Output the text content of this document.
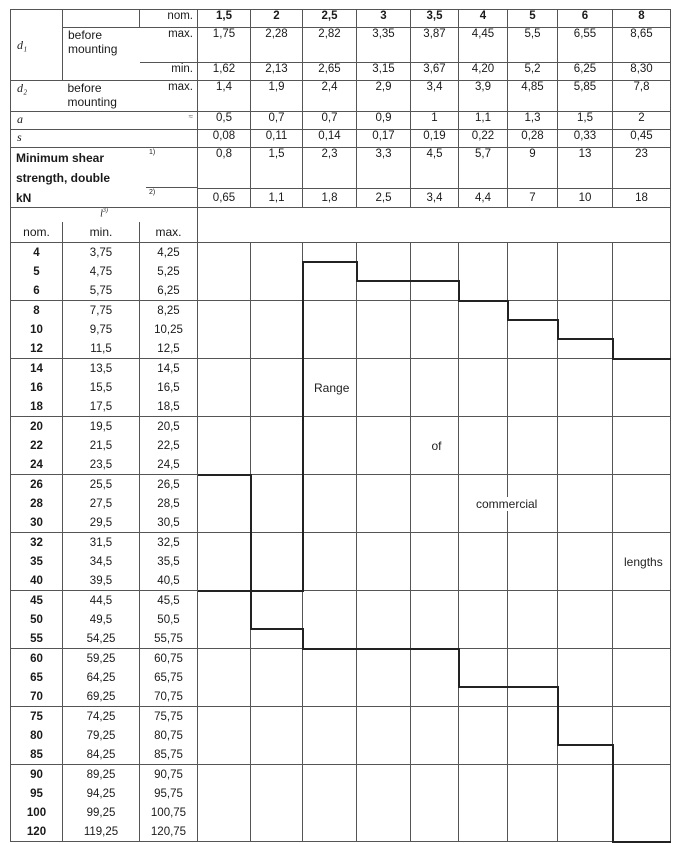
d₁		nom.	1,5	2	2,5	3	3,5	4	5	6	8
	before mounting	max.	1,75	2,28	2,82	3,35	3,87	4,45	5,5	6,55	8,65
		min.	1,62	2,13	2,65	3,15	3,67	4,20	5,2	6,25	8,30
d₂	before mounting	max.	1,4	1,9	2,4	2,9	3,4	3,9	4,85	5,85	7,8
a		≈	0,5	0,7	0,7	0,9	1	1,1	1,3	1,5	2
s			0,08	0,11	0,14	0,17	0,19	0,22	0,28	0,33	0,45

Minimum shear
strength, double
1)			0,8	1,5	2,3	3,3	4,5	5,7	9	13	23
kN 2)			0,65	1,1	1,8	2,5	3,4	4,4	7	10	18
$l^{3)}$	
nom.	min.	max.									
4	3,75	4,25									
5	4,75	5,25									
6	5,75	6,25									
8	7,75	8,25									
10	9,75	10,25									
12	11,5	12,5									
14	13,5	14,5									
16	15,5	16,5									
18	17,5	18,5									
20	19,5	20,5									
22	21,5	22,5									
24	23,5	24,5									
26	25,5	26,5									
28	27,5	28,5									
30	29,5	30,5									
32	31,5	32,5									
35	34,5	35,5									
40	39,5	40,5									
45	44,5	45,5									
50	49,5	50,5									
55	54,25	55,75									
60	59,25	60,75									
65	64,25	65,75									
70	69,25	70,75									
75	74,25	75,75									
80	79,25	80,75									
85	84,25	85,75									
90	89,25	90,75									
95	94,25	95,75									
100	99,25	100,75									
120	119,25	120,75									
Range
of
commercial
lengths
